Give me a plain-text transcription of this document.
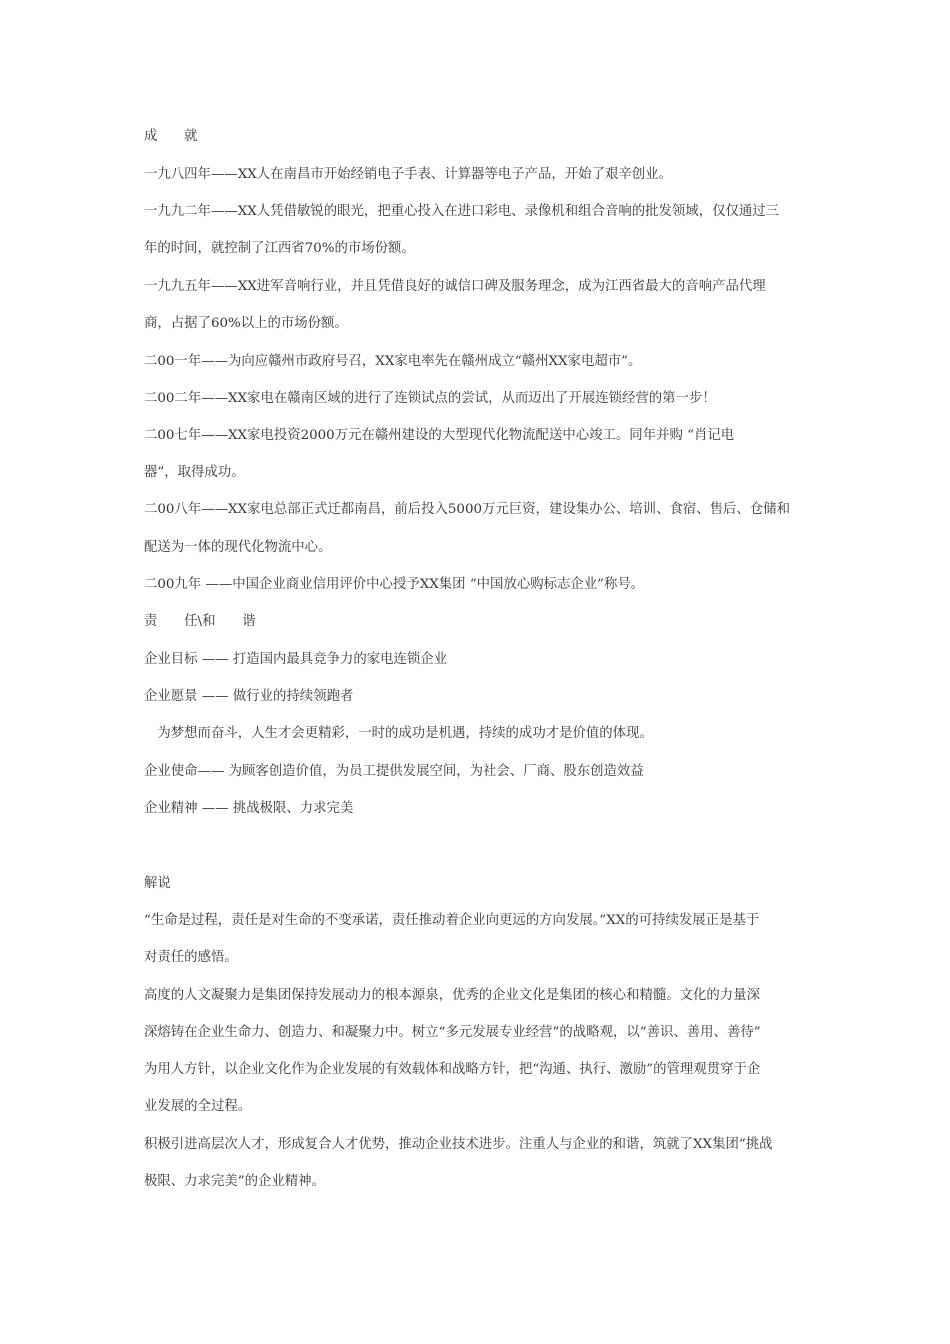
成　　就
一九八四年——XX人在南昌市开始经销电子手表、计算器等电子产品，开始了艰辛创业。
一九九二年——XX人凭借敏锐的眼光，把重心投入在进口彩电、录像机和组合音响的批发领域，仅仅通过三
年的时间，就控制了江西省70%的市场份额。
一九九五年——XX进军音响行业，并且凭借良好的诚信口碑及服务理念，成为江西省最大的音响产品代理
商，占据了60%以上的市场份额。
二00一年——为向应赣州市政府号召，XX家电率先在赣州成立“赣州XX家电超市”。
二00二年——XX家电在赣南区域的进行了连锁试点的尝试，从而迈出了开展连锁经营的第一步！
二00七年——XX家电投资2000万元在赣州建设的大型现代化物流配送中心竣工。同年并购 “肖记电
器”，取得成功。
二00八年——XX家电总部正式迁都南昌，前后投入5000万元巨资，建设集办公、培训、食宿、售后、仓储和
配送为一体的现代化物流中心。
二00九年 ——中国企业商业信用评价中心授予XX集团 “中国放心购标志企业”称号。
责　　任\和　　谐
企业目标 —— 打造国内最具竞争力的家电连锁企业
企业愿景 —— 做行业的持续领跑者
　为梦想而奋斗，人生才会更精彩，一时的成功是机遇，持续的成功才是价值的体现。
企业使命—— 为顾客创造价值，为员工提供发展空间，为社会、厂商、股东创造效益
企业精神 —— 挑战极限、力求完美
解说
“生命是过程，责任是对生命的不变承诺，责任推动着企业向更远的方向发展。”XX的可持续发展正是基于
对责任的感悟。
高度的人文凝聚力是集团保持发展动力的根本源泉，优秀的企业文化是集团的核心和精髓。文化的力量深
深熔铸在企业生命力、创造力、和凝聚力中。树立“多元发展专业经营”的战略观，以“善识、善用、善待”
为用人方针，以企业文化作为企业发展的有效载体和战略方针，把“沟通、执行、激励”的管理观贯穿于企
业发展的全过程。
积极引进高层次人才，形成复合人才优势，推动企业技术进步。注重人与企业的和谐，筑就了XX集团“挑战
极限、力求完美”的企业精神。
